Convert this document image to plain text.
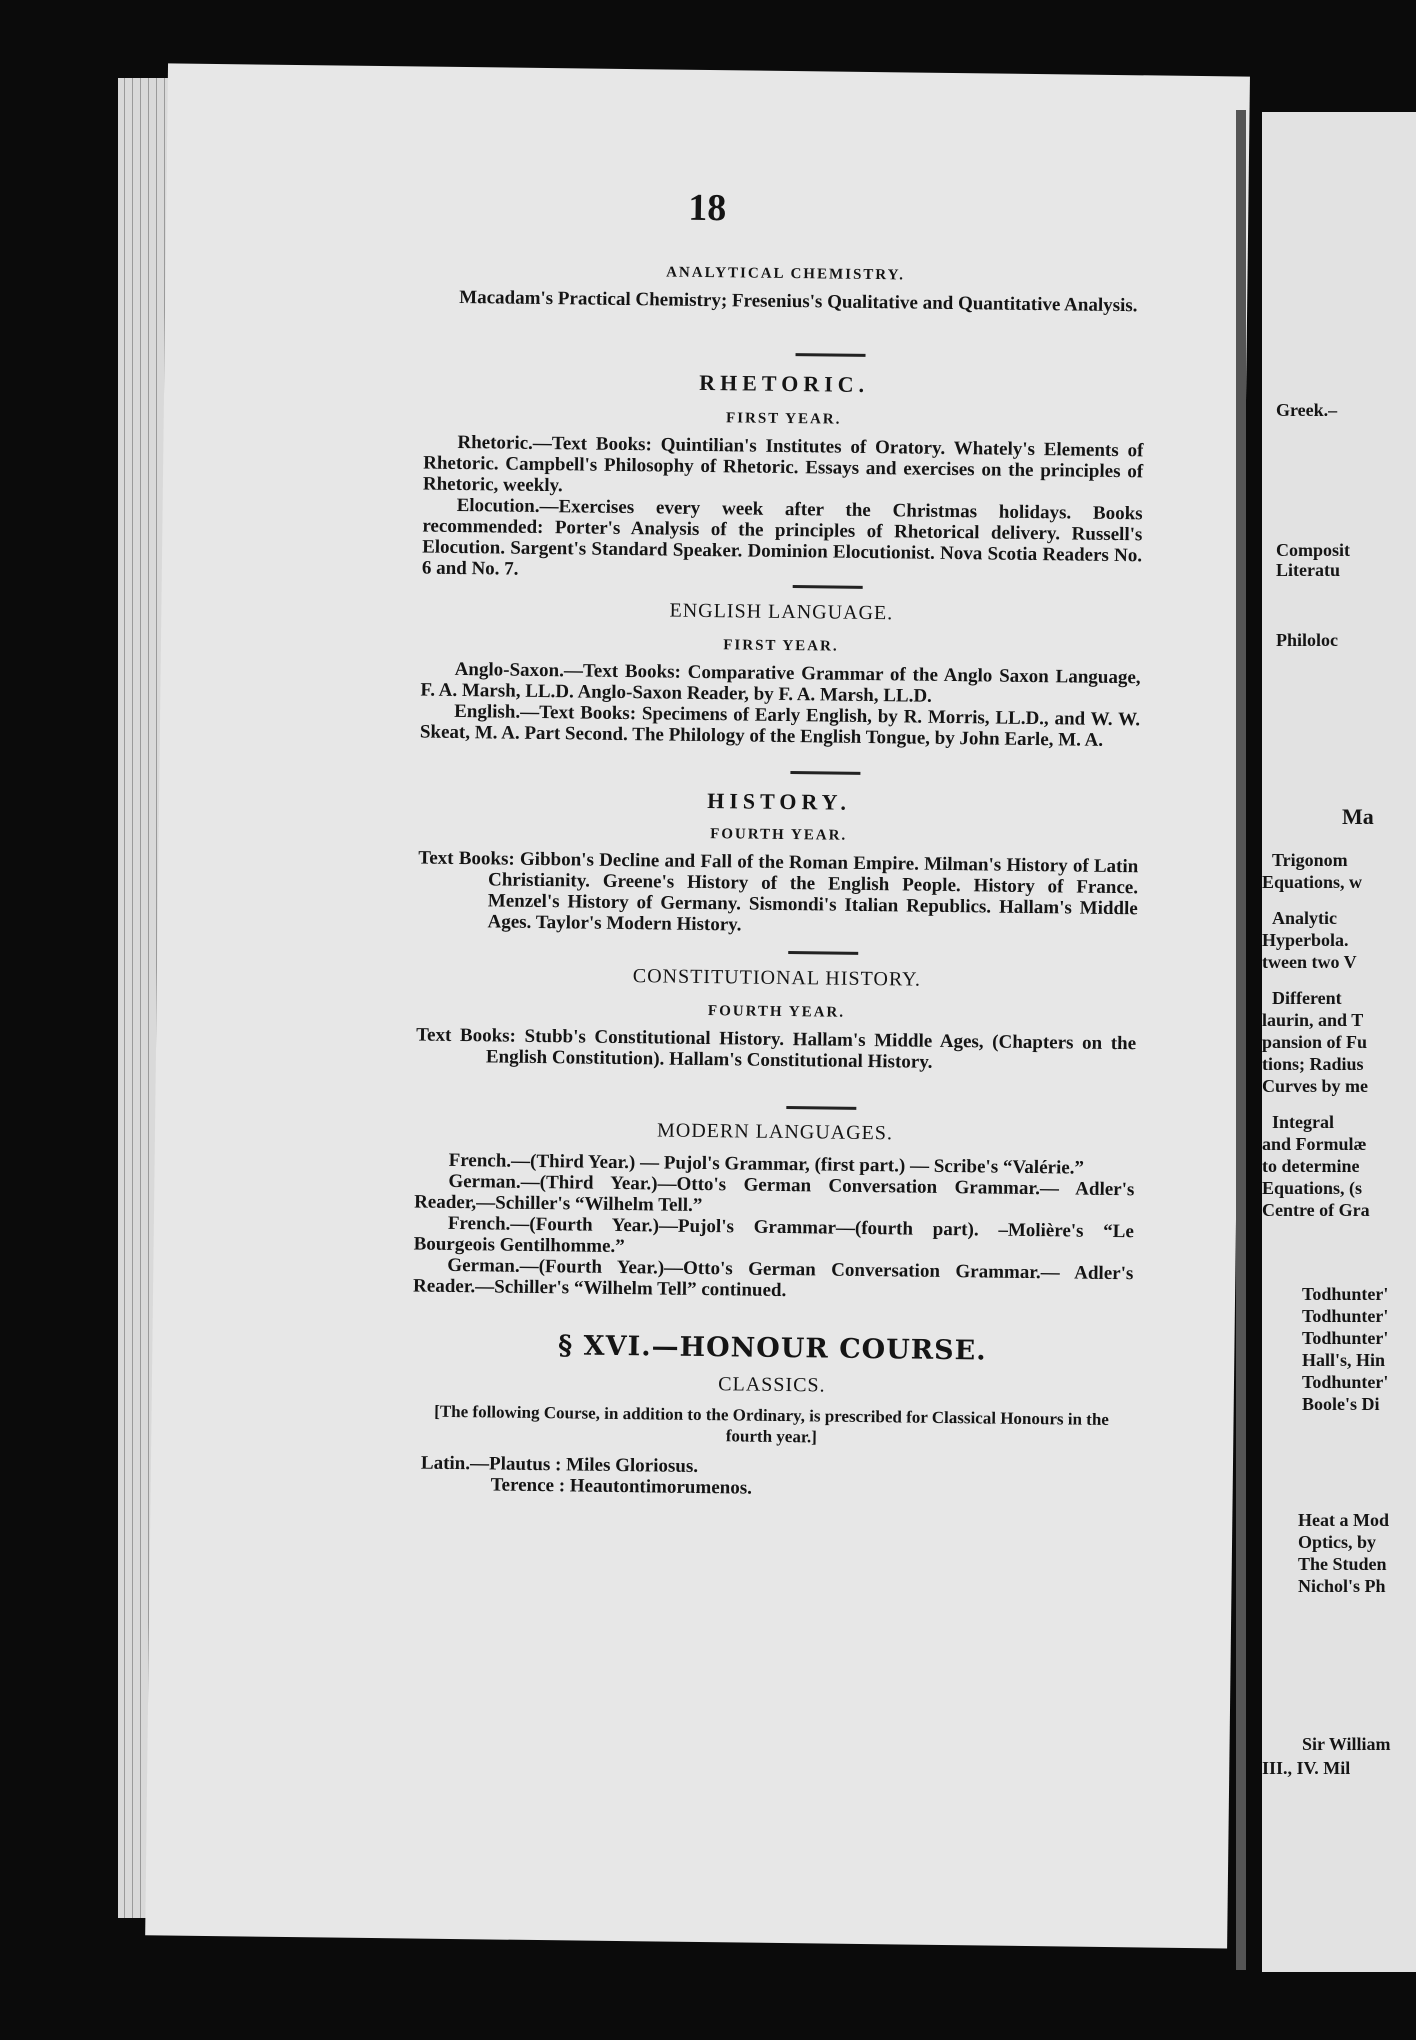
18
ANALYTICAL CHEMISTRY.

Macadam's Practical Chemistry; Fresenius's Qualitative and Quantitative Analysis.

RHETORIC.
FIRST YEAR.

Rhetoric.—Text Books: Quintilian's Institutes of Oratory. Whately's Elements of Rhetoric. Campbell's Philosophy of Rhetoric. Essays and exercises on the principles of Rhetoric, weekly.

Elocution.—Exercises every week after the Christmas holidays. Books recommended: Porter's Analysis of the principles of Rhetorical delivery. Russell's Elocution. Sargent's Standard Speaker. Dominion Elocutionist. Nova Scotia Readers No. 6 and No. 7.

ENGLISH LANGUAGE.
FIRST YEAR.

Anglo-Saxon.—Text Books: Comparative Grammar of the Anglo Saxon Language, F. A. Marsh, LL.D. Anglo-Saxon Reader, by F. A. Marsh, LL.D.

English.—Text Books: Specimens of Early English, by R. Morris, LL.D., and W. W. Skeat, M. A. Part Second. The Philology of the English Tongue, by John Earle, M. A.

HISTORY.
FOURTH YEAR.

Text Books: Gibbon's Decline and Fall of the Roman Empire. Milman's History of Latin Christianity. Greene's History of the English People. History of France. Menzel's History of Germany. Sismondi's Italian Republics. Hallam's Middle Ages. Taylor's Modern History.

CONSTITUTIONAL HISTORY.
FOURTH YEAR.

Text Books: Stubb's Constitutional History. Hallam's Middle Ages, (Chapters on the English Constitution). Hallam's Constitutional History.

MODERN LANGUAGES.

French.—(Third Year.) — Pujol's Grammar, (first part.) — Scribe's “Valérie.”

German.—(Third Year.)—Otto's German Conversation Grammar.— Adler's Reader,—Schiller's “Wilhelm Tell.”

French.—(Fourth Year.)—Pujol's Grammar—(fourth part). –Molière's “Le Bourgeois Gentilhomme.”

German.—(Fourth Year.)—Otto's German Conversation Grammar.— Adler's Reader.—Schiller's “Wilhelm Tell” continued.

§ XVI.—HONOUR COURSE.
CLASSICS.

[The following Course, in addition to the Ordinary, is prescribed for Classical Honours in the fourth year.]

Latin.—Plautus : Miles Gloriosus.

Terence : Heautontimorumenos.

Greek.–
Composit
Literatu
Philoloc
Ma
Trigonom
Equations, w
Analytic
Hyperbola.
tween two V
Different
laurin, and T
pansion of Fu
tions; Radius
Curves by me
Integral
and Formulæ
to determine
Equations, (s
Centre of Gra
Todhunter'
Todhunter'
Todhunter'
Hall's, Hin
Todhunter'
Boole's Di
Heat a Mod
Optics, by
The Studen
Nichol's Ph
Sir William
III., IV. Mil
